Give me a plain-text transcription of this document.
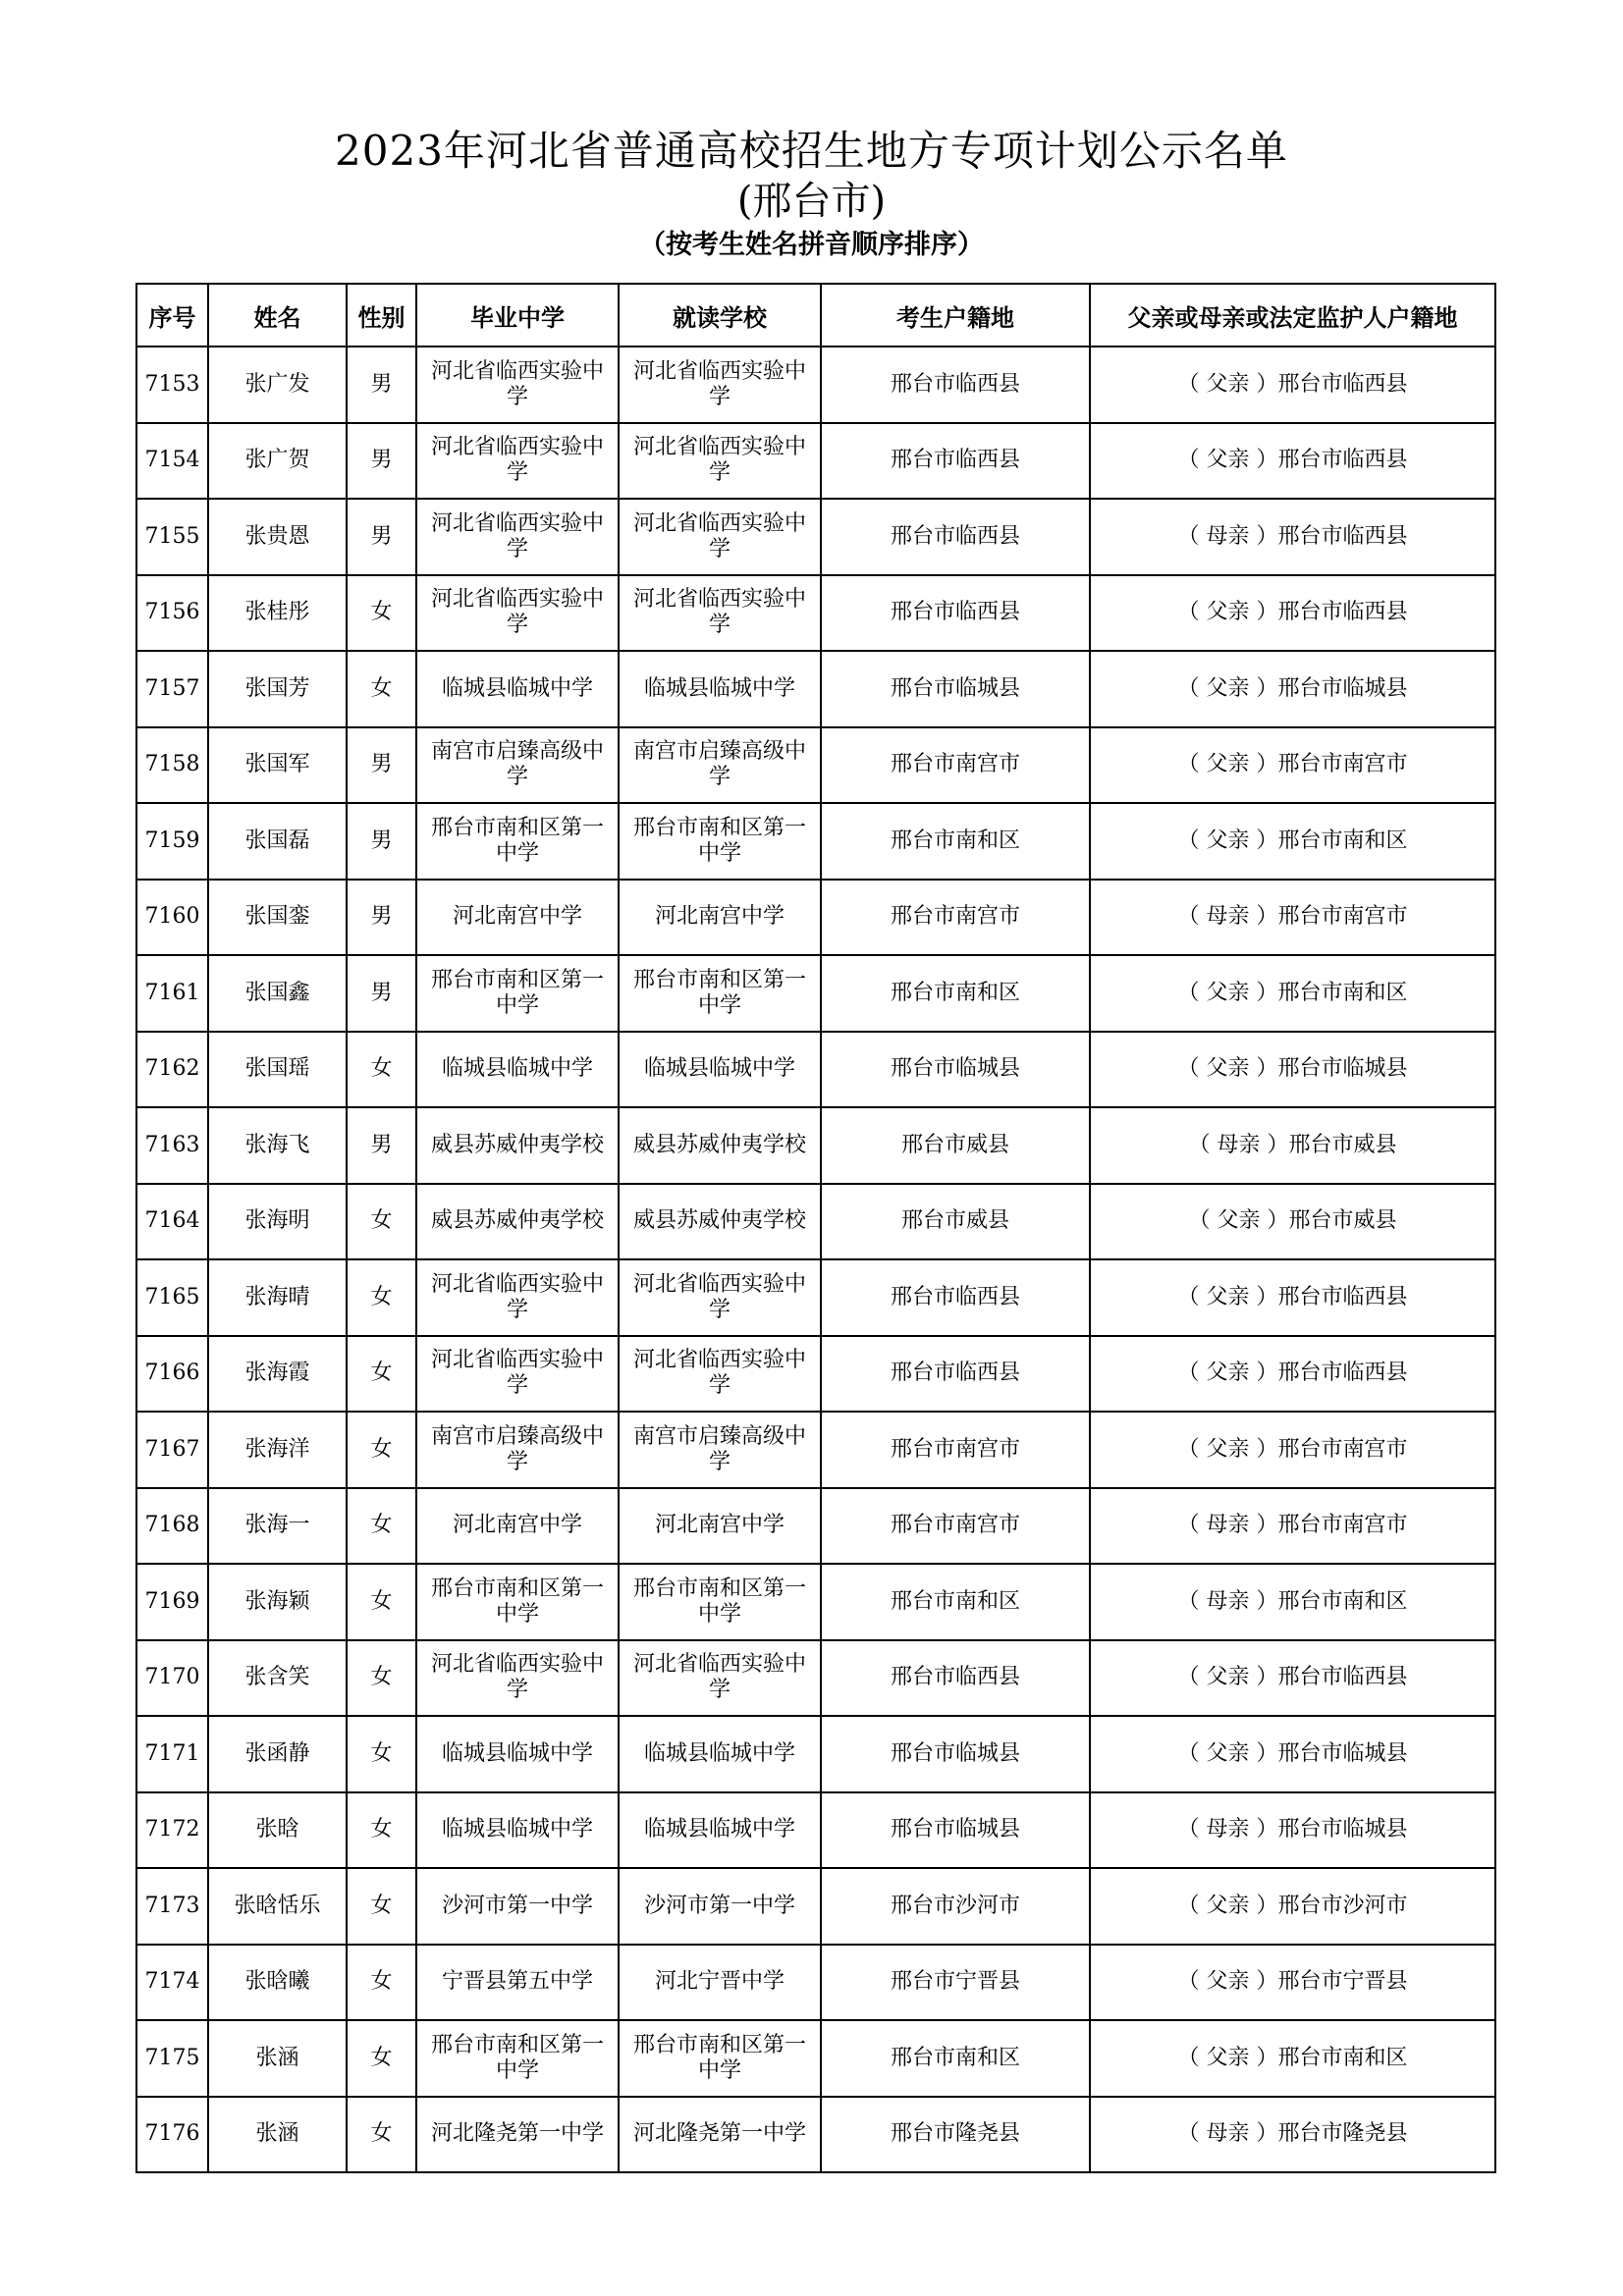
2023年河北省普通高校招生地方专项计划公示名单
(邢台市)
（按考生姓名拼音顺序排序）
序号	姓名	性别	毕业中学	就读学校	考生户籍地	父亲或母亲或法定监护人户籍地
7153	张广发	男	河北省临西实验中学	河北省临西实验中学	邢台市临西县	（ 父亲 ）邢台市临西县
7154	张广贺	男	河北省临西实验中学	河北省临西实验中学	邢台市临西县	（ 父亲 ）邢台市临西县
7155	张贵恩	男	河北省临西实验中学	河北省临西实验中学	邢台市临西县	（ 母亲 ）邢台市临西县
7156	张桂彤	女	河北省临西实验中学	河北省临西实验中学	邢台市临西县	（ 父亲 ）邢台市临西县
7157	张国芳	女	临城县临城中学	临城县临城中学	邢台市临城县	（ 父亲 ）邢台市临城县
7158	张国军	男	南宫市启臻高级中学	南宫市启臻高级中学	邢台市南宫市	（ 父亲 ）邢台市南宫市
7159	张国磊	男	邢台市南和区第一中学	邢台市南和区第一中学	邢台市南和区	（ 父亲 ）邢台市南和区
7160	张国銮	男	河北南宫中学	河北南宫中学	邢台市南宫市	（ 母亲 ）邢台市南宫市
7161	张国鑫	男	邢台市南和区第一中学	邢台市南和区第一中学	邢台市南和区	（ 父亲 ）邢台市南和区
7162	张国瑶	女	临城县临城中学	临城县临城中学	邢台市临城县	（ 父亲 ）邢台市临城县
7163	张海飞	男	威县苏威仲夷学校	威县苏威仲夷学校	邢台市威县	（ 母亲 ）邢台市威县
7164	张海明	女	威县苏威仲夷学校	威县苏威仲夷学校	邢台市威县	（ 父亲 ）邢台市威县
7165	张海晴	女	河北省临西实验中学	河北省临西实验中学	邢台市临西县	（ 父亲 ）邢台市临西县
7166	张海霞	女	河北省临西实验中学	河北省临西实验中学	邢台市临西县	（ 父亲 ）邢台市临西县
7167	张海洋	女	南宫市启臻高级中学	南宫市启臻高级中学	邢台市南宫市	（ 父亲 ）邢台市南宫市
7168	张海一	女	河北南宫中学	河北南宫中学	邢台市南宫市	（ 母亲 ）邢台市南宫市
7169	张海颖	女	邢台市南和区第一中学	邢台市南和区第一中学	邢台市南和区	（ 母亲 ）邢台市南和区
7170	张含笑	女	河北省临西实验中学	河北省临西实验中学	邢台市临西县	（ 父亲 ）邢台市临西县
7171	张函静	女	临城县临城中学	临城县临城中学	邢台市临城县	（ 父亲 ）邢台市临城县
7172	张晗	女	临城县临城中学	临城县临城中学	邢台市临城县	（ 母亲 ）邢台市临城县
7173	张晗恬乐	女	沙河市第一中学	沙河市第一中学	邢台市沙河市	（ 父亲 ）邢台市沙河市
7174	张晗曦	女	宁晋县第五中学	河北宁晋中学	邢台市宁晋县	（ 父亲 ）邢台市宁晋县
7175	张涵	女	邢台市南和区第一中学	邢台市南和区第一中学	邢台市南和区	（ 父亲 ）邢台市南和区
7176	张涵	女	河北隆尧第一中学	河北隆尧第一中学	邢台市隆尧县	（ 母亲 ）邢台市隆尧县
